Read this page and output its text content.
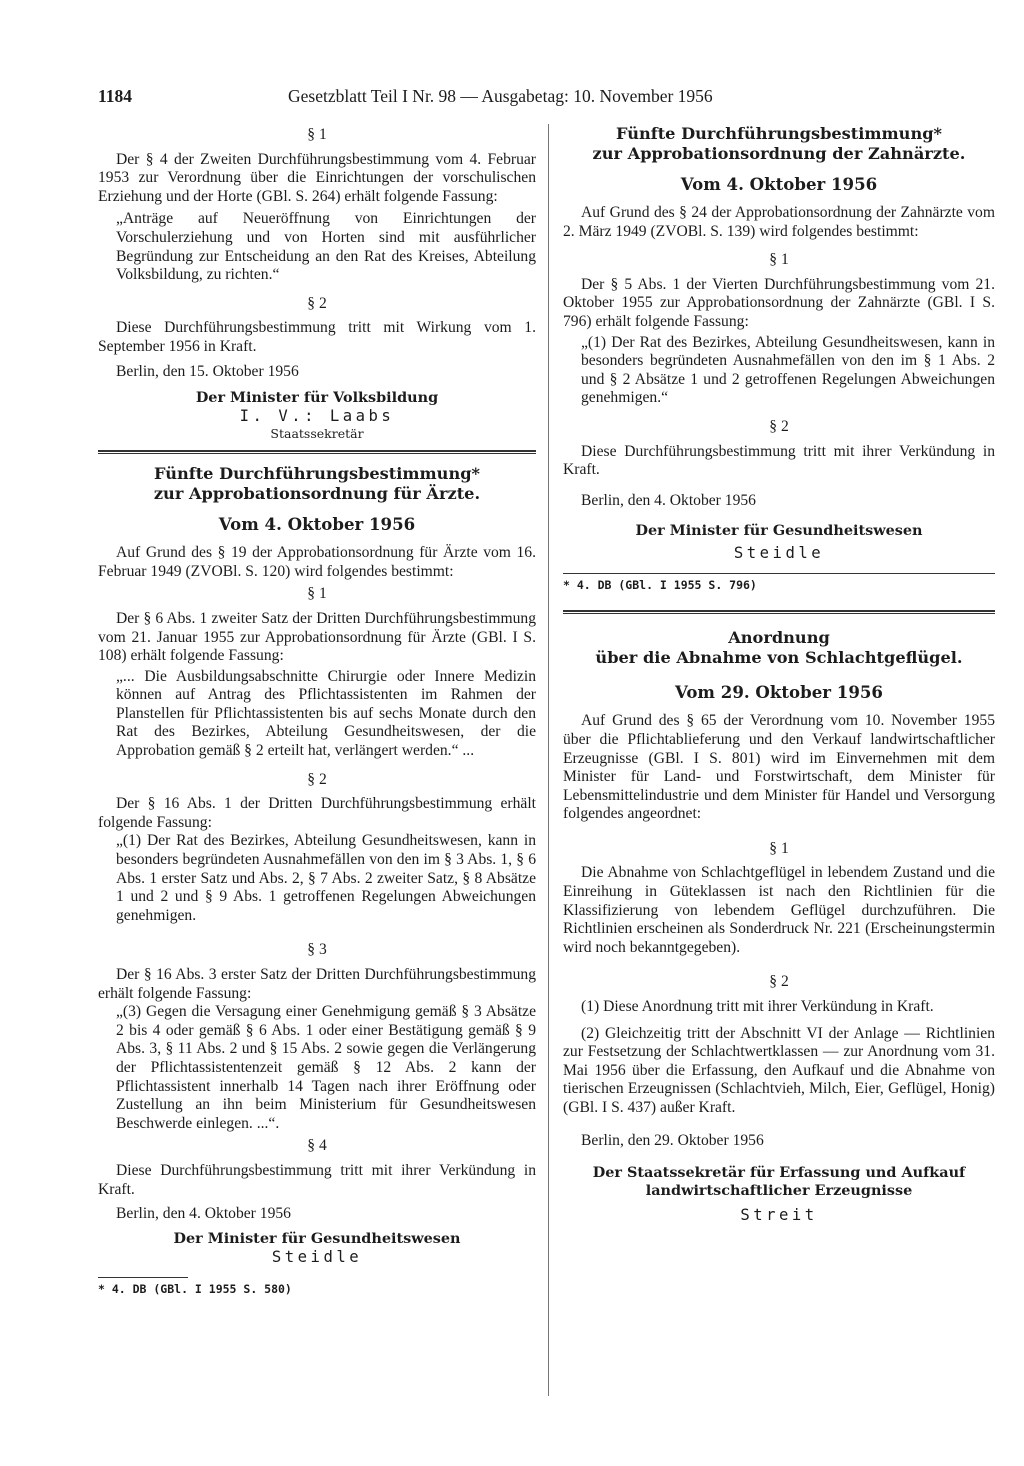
1184	Gesetzblatt Teil I Nr. 98 — Ausgabetag: 10. November 1956
§ 1

Der § 4 der Zweiten Durchführungsbestimmung vom 4. Februar 1953 zur Verordnung über die Einrichtungen der vorschulischen Erziehung und der Horte (GBl. S. 264) erhält folgende Fassung:

„Anträge auf Neueröffnung von Einrichtungen der Vorschulerziehung und von Horten sind mit ausführlicher Begründung zur Entscheidung an den Rat des Kreises, Abteilung Volksbildung, zu richten.“

§ 2

Diese Durchführungsbestimmung tritt mit Wirkung vom 1. September 1956 in Kraft.

Berlin, den 15. Oktober 1956

Der Minister für Volksbildung
I. V.: Laabs
Staatssekretär
Fünfte Durchführungsbestimmung*
zur Approbationsordnung für Ärzte.
Vom 4. Oktober 1956

Auf Grund des § 19 der Approbationsordnung für Ärzte vom 16. Februar 1949 (ZVOBl. S. 120) wird folgendes bestimmt:

§ 1

Der § 6 Abs. 1 zweiter Satz der Dritten Durchführungsbestimmung vom 21. Januar 1955 zur Approbationsordnung für Ärzte (GBl. I S. 108) erhält folgende Fassung:

„... Die Ausbildungsabschnitte Chirurgie oder Innere Medizin können auf Antrag des Pflichtassistenten im Rahmen der Planstellen für Pflichtassistenten bis auf sechs Monate durch den Rat des Bezirkes, Abteilung Gesundheitswesen, der die Approbation gemäß § 2 erteilt hat, verlängert werden.“ ...

§ 2

Der § 16 Abs. 1 der Dritten Durchführungsbestimmung erhält folgende Fassung:

„(1) Der Rat des Bezirkes, Abteilung Gesundheitswesen, kann in besonders begründeten Ausnahmefällen von den im § 3 Abs. 1, § 6 Abs. 1 erster Satz und Abs. 2, § 7 Abs. 2 zweiter Satz, § 8 Absätze 1 und 2 und § 9 Abs. 1 getroffenen Regelungen Abweichungen genehmigen.

§ 3

Der § 16 Abs. 3 erster Satz der Dritten Durchführungsbestimmung erhält folgende Fassung:

„(3) Gegen die Versagung einer Genehmigung gemäß § 3 Absätze 2 bis 4 oder gemäß § 6 Abs. 1 oder einer Bestätigung gemäß § 9 Abs. 3, § 11 Abs. 2 und § 15 Abs. 2 sowie gegen die Verlängerung der Pflichtassistentenzeit gemäß § 12 Abs. 2 kann der Pflichtassistent innerhalb 14 Tagen nach ihrer Eröffnung oder Zustellung an ihn beim Ministerium für Gesundheitswesen Beschwerde einlegen. ...“.

§ 4

Diese Durchführungsbestimmung tritt mit ihrer Verkündung in Kraft.

Berlin, den 4. Oktober 1956

Der Minister für Gesundheitswesen
Steidle
* 4. DB (GBl. I 1955 S. 580)
Fünfte Durchführungsbestimmung*
zur Approbationsordnung der Zahnärzte.
Vom 4. Oktober 1956

Auf Grund des § 24 der Approbationsordnung der Zahnärzte vom 2. März 1949 (ZVOBl. S. 139) wird folgendes bestimmt:

§ 1

Der § 5 Abs. 1 der Vierten Durchführungsbestimmung vom 21. Oktober 1955 zur Approbationsordnung der Zahnärzte (GBl. I S. 796) erhält folgende Fassung:

„(1) Der Rat des Bezirkes, Abteilung Gesundheitswesen, kann in besonders begründeten Ausnahmefällen von den im § 1 Abs. 2 und § 2 Absätze 1 und 2 getroffenen Regelungen Abweichungen genehmigen.“

§ 2

Diese Durchführungsbestimmung tritt mit ihrer Verkündung in Kraft.

Berlin, den 4. Oktober 1956

Der Minister für Gesundheitswesen
Steidle
* 4. DB (GBl. I 1955 S. 796)
Anordnung
über die Abnahme von Schlachtgeflügel.
Vom 29. Oktober 1956

Auf Grund des § 65 der Verordnung vom 10. November 1955 über die Pflichtablieferung und den Verkauf landwirtschaftlicher Erzeugnisse (GBl. I S. 801) wird im Einvernehmen mit dem Minister für Land- und Forstwirtschaft, dem Minister für Lebensmittelindustrie und dem Minister für Handel und Versorgung folgendes angeordnet:

§ 1

Die Abnahme von Schlachtgeflügel in lebendem Zustand und die Einreihung in Güteklassen ist nach den Richtlinien für die Klassifizierung von lebendem Geflügel durchzuführen. Die Richtlinien erscheinen als Sonderdruck Nr. 221 (Erscheinungstermin wird noch bekanntgegeben).

§ 2

(1) Diese Anordnung tritt mit ihrer Verkündung in Kraft.

(2) Gleichzeitig tritt der Abschnitt VI der Anlage — Richtlinien zur Festsetzung der Schlachtwertklassen — zur Anordnung vom 31. Mai 1956 über die Erfassung, den Aufkauf und die Abnahme von tierischen Erzeugnissen (Schlachtvieh, Milch, Eier, Geflügel, Honig) (GBl. I S. 437) außer Kraft.

Berlin, den 29. Oktober 1956

Der Staatssekretär für Erfassung und Aufkauf
landwirtschaftlicher Erzeugnisse
Streit
